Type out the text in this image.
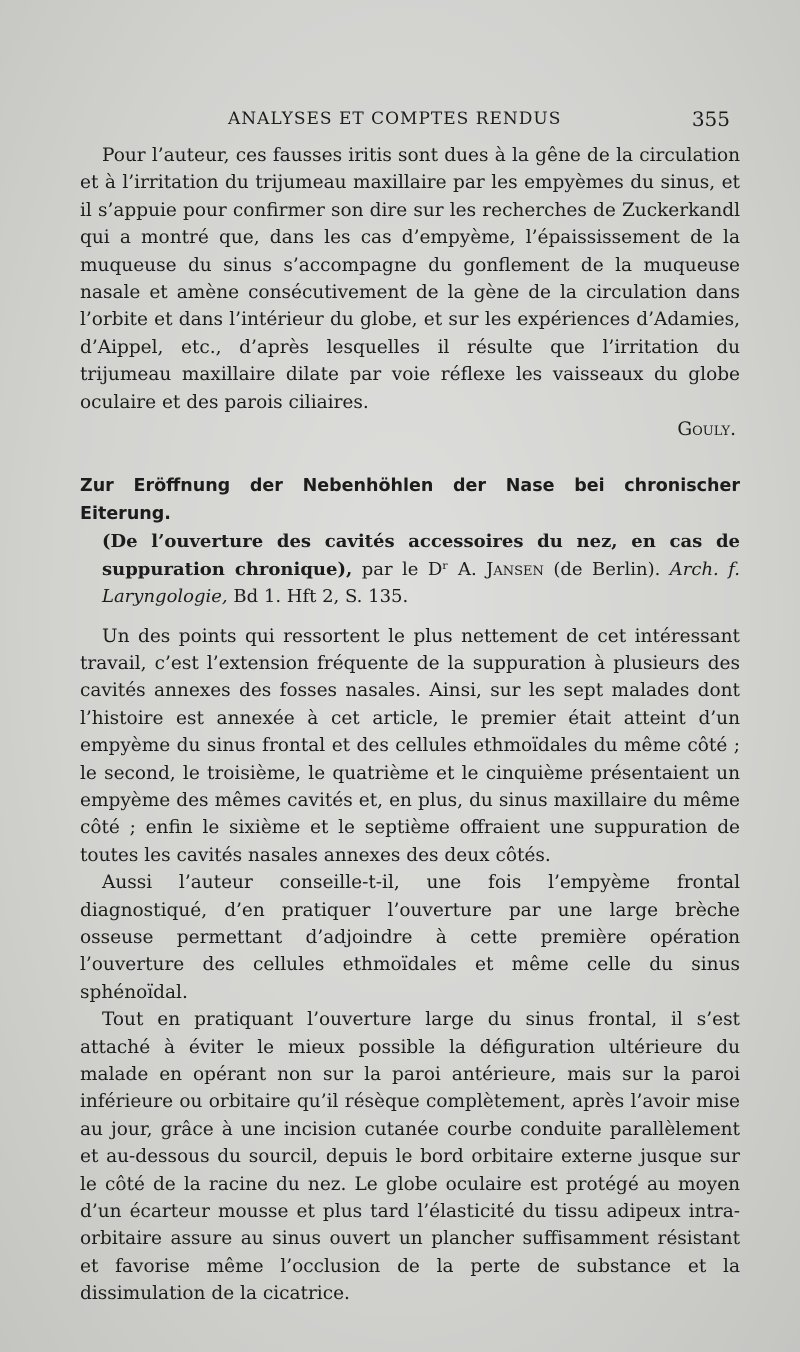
ANALYSES ET COMPTES RENDUS	355

Pour l’auteur, ces fausses iritis sont dues à la gêne de la circulation et à l’irritation du trijumeau maxillaire par les empyèmes du sinus, et il s’appuie pour confirmer son dire sur les recherches de Zuckerkandl qui a montré que, dans les cas d’empyème, l’épaississement de la muqueuse du sinus s’accompagne du gonflement de la muqueuse nasale et amène consécutivement de la gène de la circulation dans l’orbite et dans l’intérieur du globe, et sur les expériences d’Adamies, d’Aippel, etc., d’après lesquelles il résulte que l’irritation du trijumeau maxillaire dilate par voie réflexe les vaisseaux du globe oculaire et des parois ciliaires.

Gouly.

Zur Eröffnung der Nebenhöhlen der Nase bei chronischer Eiterung.

(De l’ouverture des cavités accessoires du nez, en cas de suppuration chronique), par le Dʳ A. Jansen (de Berlin). Arch. f. Laryngologie, Bd 1. Hft 2, S. 135.

Un des points qui ressortent le plus nettement de cet intéressant travail, c’est l’extension fréquente de la suppuration à plusieurs des cavités annexes des fosses nasales. Ainsi, sur les sept malades dont l’histoire est annexée à cet article, le premier était atteint d’un empyème du sinus frontal et des cellules ethmoïdales du même côté ; le second, le troisième, le quatrième et le cinquième présentaient un empyème des mêmes cavités et, en plus, du sinus maxillaire du même côté ; enfin le sixième et le septième offraient une suppuration de toutes les cavités nasales annexes des deux côtés.

Aussi l’auteur conseille-t-il, une fois l’empyème frontal diagnostiqué, d’en pratiquer l’ouverture par une large brèche osseuse permettant d’adjoindre à cette première opération l’ouverture des cellules ethmoïdales et même celle du sinus sphénoïdal.

Tout en pratiquant l’ouverture large du sinus frontal, il s’est attaché à éviter le mieux possible la défiguration ultérieure du malade en opérant non sur la paroi antérieure, mais sur la paroi inférieure ou orbitaire qu’il résèque complètement, après l’avoir mise au jour, grâce à une incision cutanée courbe conduite parallèlement et au-dessous du sourcil, depuis le bord orbitaire externe jusque sur le côté de la racine du nez. Le globe oculaire est protégé au moyen d’un écarteur mousse et plus tard l’élasticité du tissu adipeux intra-orbitaire assure au sinus ouvert un plancher suffisamment résistant et favorise même l’occlusion de la perte de substance et la dissimulation de la cicatrice.
